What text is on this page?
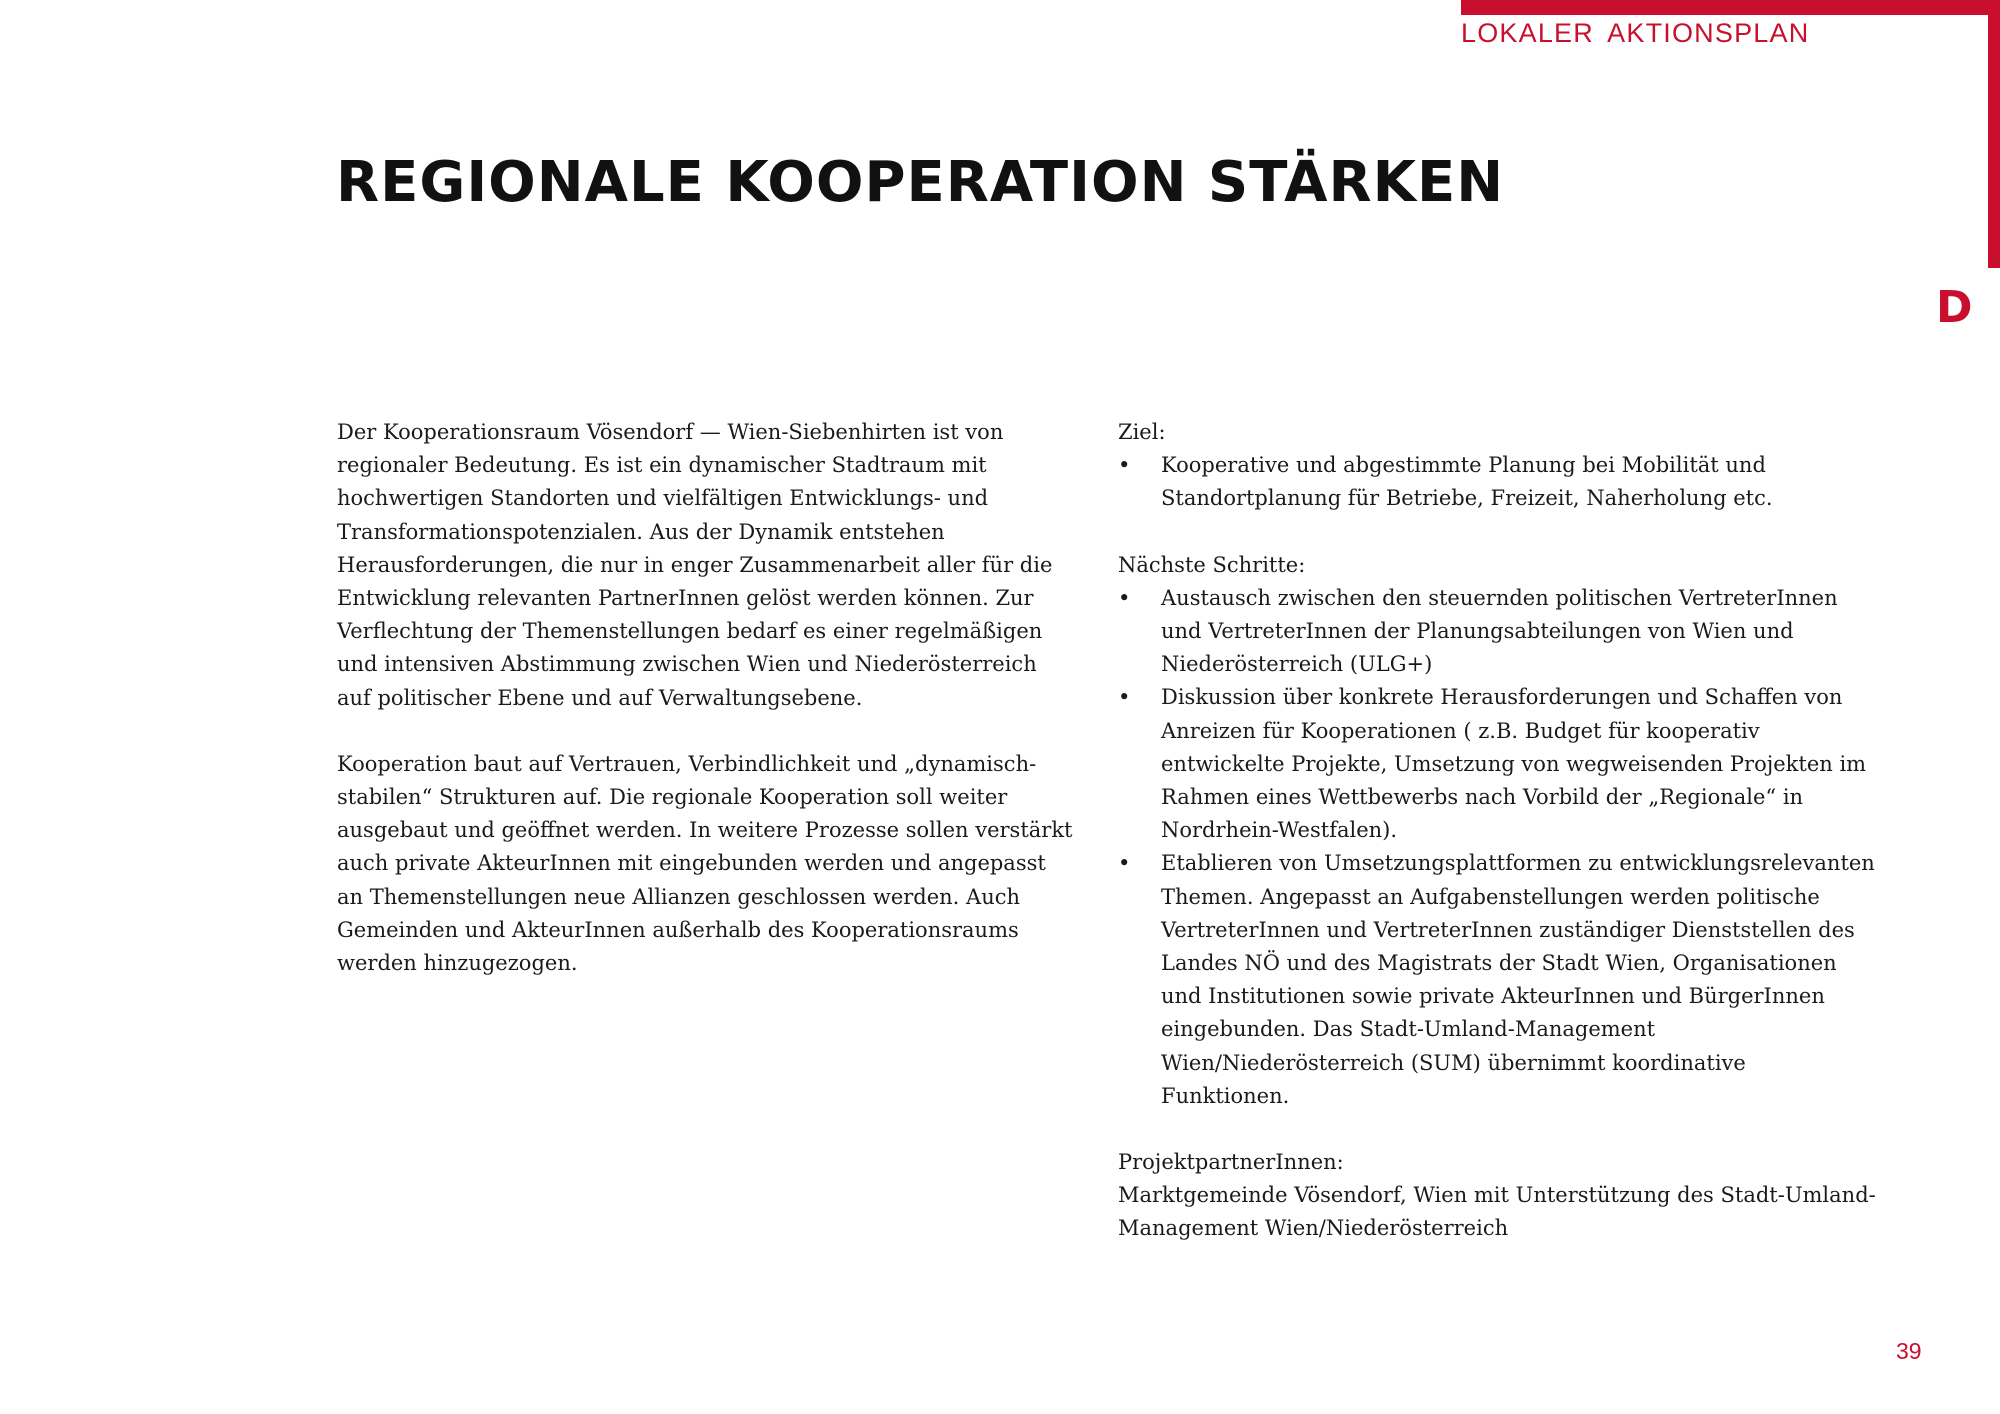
LOKALER AKTIONSPLAN
D
REGIONALE KOOPERATION STÄRKEN

Der Kooperationsraum Vösendorf — Wien-Siebenhirten ist von regionaler Bedeutung. Es ist ein dynamischer Stadtraum mit hochwertigen Standorten und vielfältigen Entwicklungs- und Transformationspotenzialen. Aus der Dynamik entstehen Herausforderungen, die nur in enger Zusammenarbeit aller für die Entwicklung relevanten PartnerInnen gelöst werden können. Zur Verflechtung der Themenstellungen bedarf es einer regelmäßigen und intensiven Abstimmung zwischen Wien und Niederösterreich auf politischer Ebene und auf Verwaltungsebene.

Kooperation baut auf Vertrauen, Verbindlichkeit und „dynamisch-stabilen“ Strukturen auf. Die regionale Kooperation soll weiter ausgebaut und geöffnet werden. In weitere Prozesse sollen verstärkt auch private AkteurInnen mit eingebunden werden und angepasst an Themenstellungen neue Allianzen geschlossen werden. Auch Gemeinden und AkteurInnen außerhalb des Kooperationsraums werden hinzugezogen.

Ziel:
• Kooperative und abgestimmte Planung bei Mobilität und Standortplanung für Betriebe, Freizeit, Naherholung etc.
Nächste Schritte:
• Austausch zwischen den steuernden politischen VertreterInnen und VertreterInnen der Planungsabteilungen von Wien und Niederösterreich (ULG+)
• Diskussion über konkrete Herausforderungen und Schaffen von Anreizen für Kooperationen ( z.B. Budget für kooperativ entwickelte Projekte, Umsetzung von wegweisenden Projekten im Rahmen eines Wettbewerbs nach Vorbild der „Regionale“ in Nordrhein-Westfalen).
• Etablieren von Umsetzungsplattformen zu entwicklungsrelevanten Themen. Angepasst an Aufgabenstellungen werden politische VertreterInnen und VertreterInnen zuständiger Dienststellen des Landes NÖ und des Magistrats der Stadt Wien, Organisationen und Institutionen sowie private AkteurInnen und BürgerInnen eingebunden. Das Stadt-Umland-Management Wien/Niederösterreich (SUM) übernimmt koordinative Funktionen.
ProjektpartnerInnen:
Marktgemeinde Vösendorf, Wien mit Unterstützung des Stadt-Umland-Management Wien/Niederösterreich
39
